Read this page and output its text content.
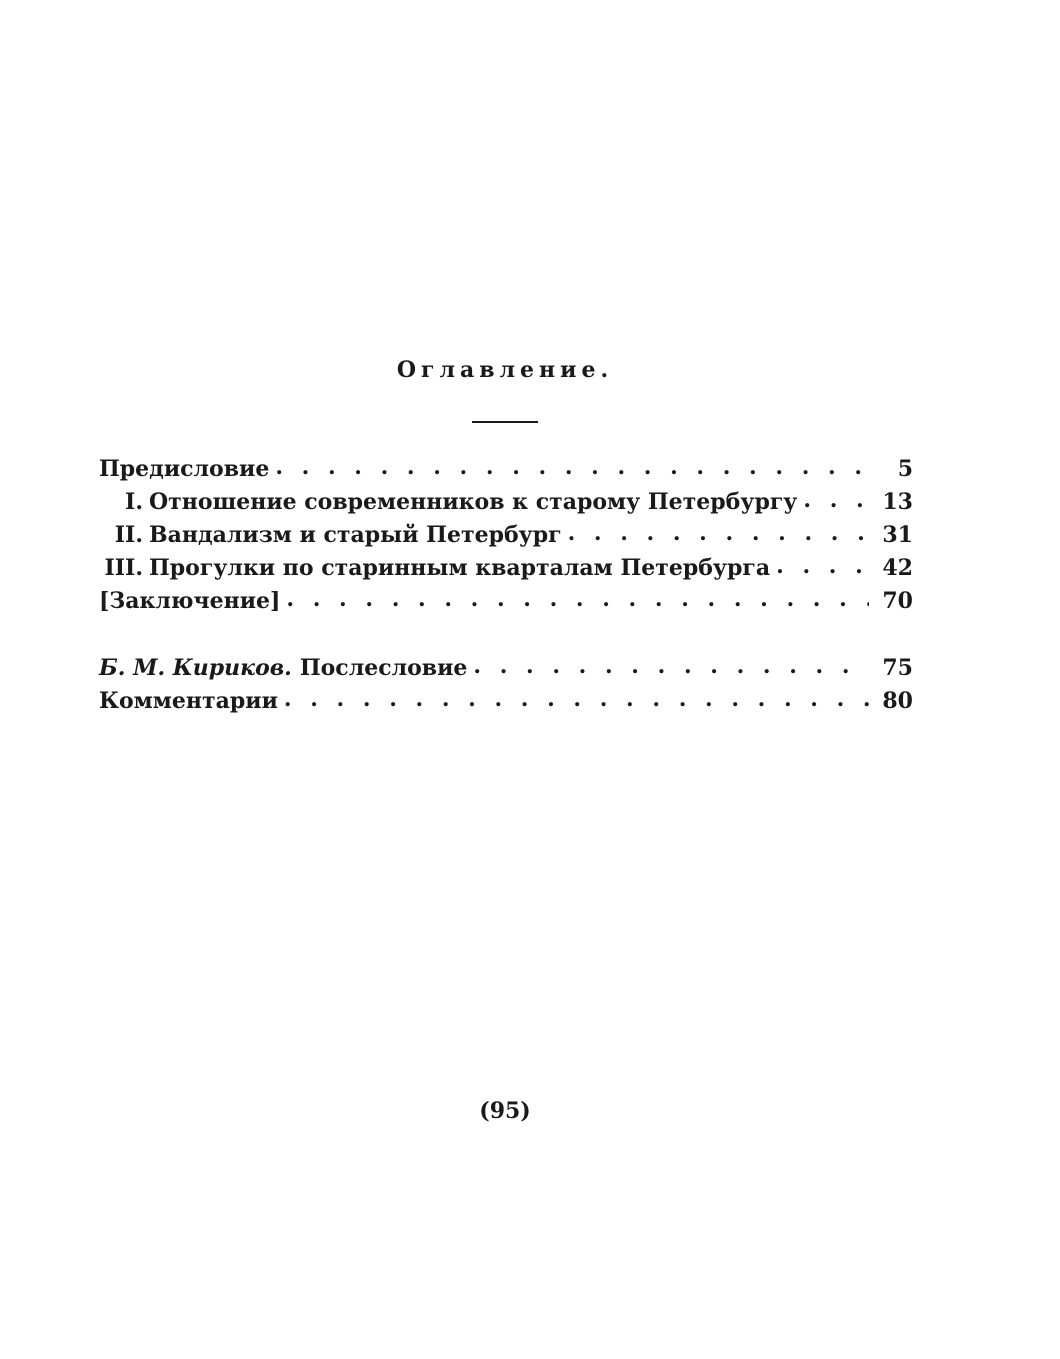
Оглавление.
Предисловие . . .	5
I. Отношение современников к старому Петербургу . . .	13
II. Вандализм и старый Петербург . . .	31
III. Прогулки по старинным кварталам Петербурга . . .	42
[Заключение] . . .	70
Б. М. Кириков. Послесловие . . .	75
Комментарии . . .	80
(95)
